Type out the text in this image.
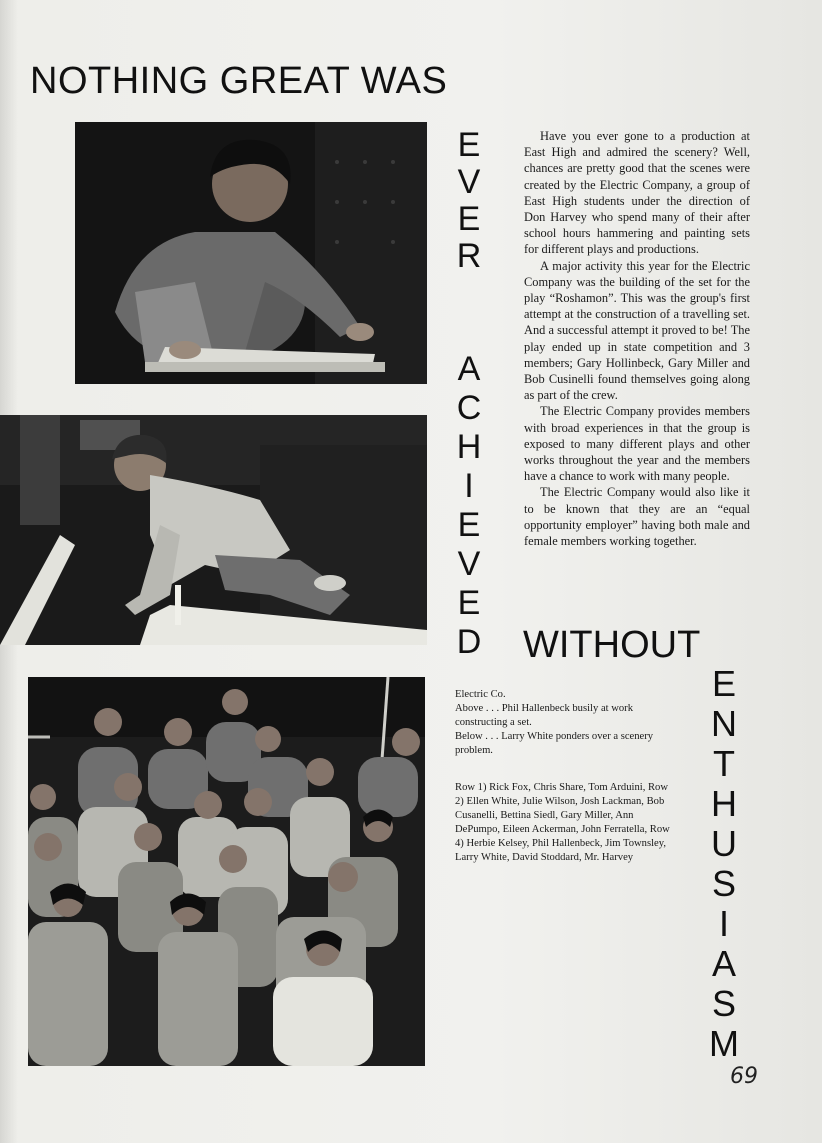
NOTHING GREAT WAS
E
V
E
R
A
C
H
I
E
V
E
D

Have you ever gone to a production at East High and admired the scenery? Well, chances are pretty good that the scenes were created by the Electric Company, a group of East High students under the direction of Don Harvey who spend many of their after school hours hammering and painting sets for different plays and productions.

A major activity this year for the Electric Company was the building of the set for the play “Roshamon”. This was the group's first attempt at the construction of a travelling set. And a successful attempt it proved to be! The play ended up in state competition and 3 members; Gary Hollinbeck, Gary Miller and Bob Cusinelli found themselves going along as part of the crew.

The Electric Company provides members with broad experiences in that the group is exposed to many different plays and other works throughout the year and the members have a chance to work with many people.

The Electric Company would also like it to be known that they are an “equal opportunity employer” having both male and female members working together.

WITHOUT

Electric Co.

Above . . . Phil Hallenbeck busily at work constructing a set.

Below . . . Larry White ponders over a scenery problem.

Row 1) Rick Fox, Chris Share, Tom Arduini, Row 2) Ellen White, Julie Wilson, Josh Lackman, Bob Cusanelli, Bettina Siedl, Gary Miller, Ann DePumpo, Eileen Ackerman, John Ferratella, Row 4) Herbie Kelsey, Phil Hallenbeck, Jim Townsley, Larry White, David Stoddard, Mr. Harvey

E
N
T
H
U
S
I
A
S
M
69
